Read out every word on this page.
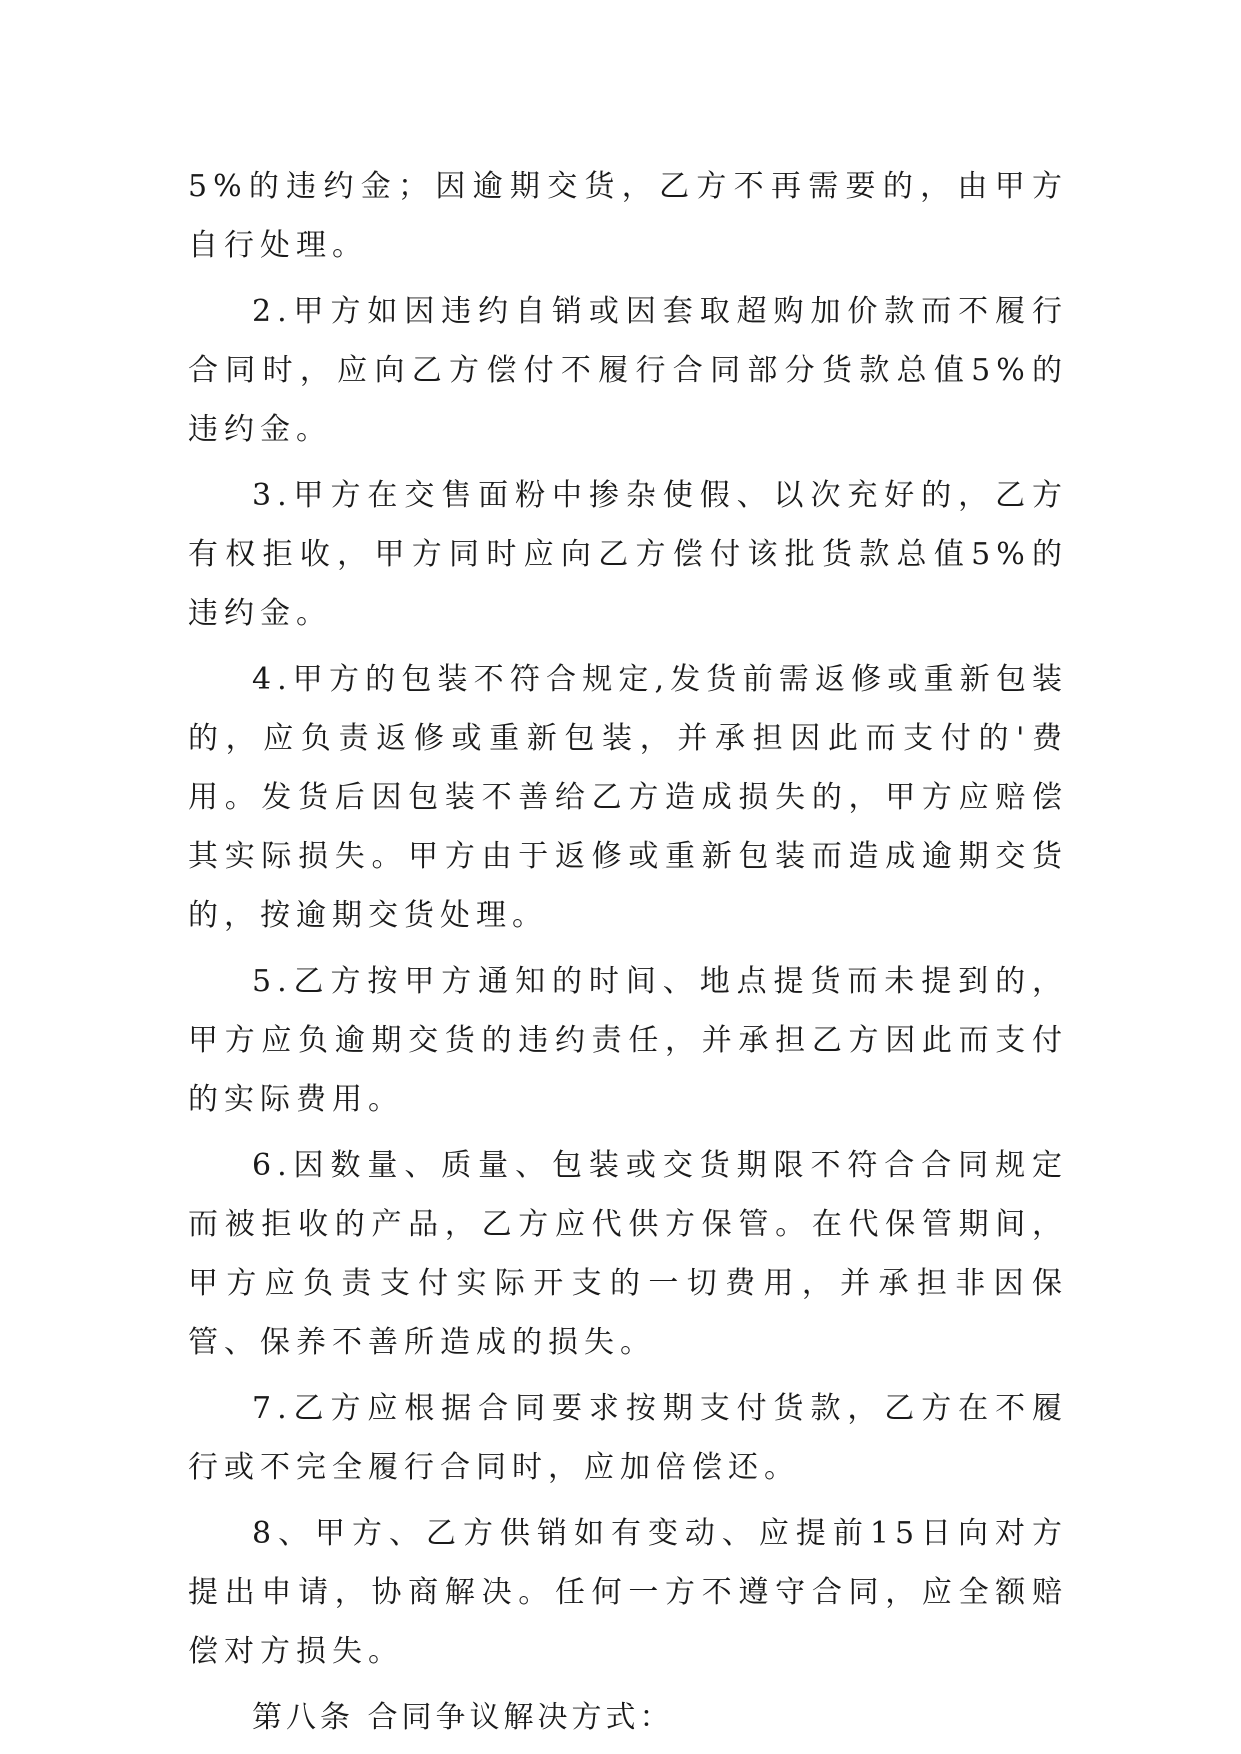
5%的违约金；因逾期交货，乙方不再需要的，由甲方自行处理。

2.甲方如因违约自销或因套取超购加价款而不履行合同时，应向乙方偿付不履行合同部分货款总值5%的违约金。

3.甲方在交售面粉中掺杂使假、以次充好的，乙方有权拒收，甲方同时应向乙方偿付该批货款总值5%的违约金。

4.甲方的包装不符合规定,发货前需返修或重新包装的，应负责返修或重新包装，并承担因此而支付的'费用。发货后因包装不善给乙方造成损失的，甲方应赔偿其实际损失。甲方由于返修或重新包装而造成逾期交货的，按逾期交货处理。

5.乙方按甲方通知的时间、地点提货而未提到的，甲方应负逾期交货的违约责任，并承担乙方因此而支付的实际费用。

6.因数量、质量、包装或交货期限不符合合同规定而被拒收的产品，乙方应代供方保管。在代保管期间，甲方应负责支付实际开支的一切费用，并承担非因保管、保养不善所造成的损失。

7.乙方应根据合同要求按期支付货款，乙方在不履行或不完全履行合同时，应加倍偿还。

8、甲方、乙方供销如有变动、应提前15日向对方提出申请，协商解决。任何一方不遵守合同，应全额赔偿对方损失。

第八条 合同争议解决方式：
